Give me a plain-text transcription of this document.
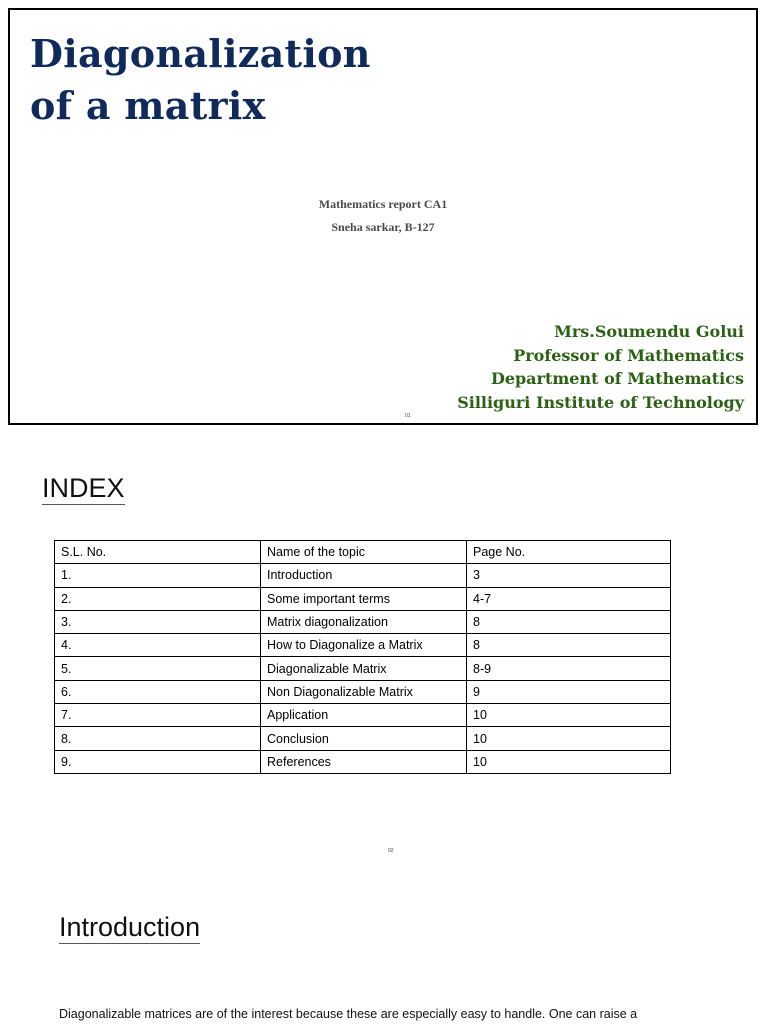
Diagonalization
of a matrix
Mathematics report CA1
Sneha sarkar, B-127
Mrs.Soumendu Golui
Professor of Mathematics
Department of Mathematics
Silliguri Institute of Technology
01
INDEX
S.L. No.	Name of the topic	Page No.
1.	Introduction	3
2.	Some important terms	4-7
3.	Matrix diagonalization	8
4.	How to Diagonalize a Matrix	8
5.	Diagonalizable Matrix	8-9
6.	Non Diagonalizable Matrix	9
7.	Application	10
8.	Conclusion	10
9.	References	10
02
Introduction

Diagonalizable matrices are of the interest because these are especially easy to handle. One can raise a
